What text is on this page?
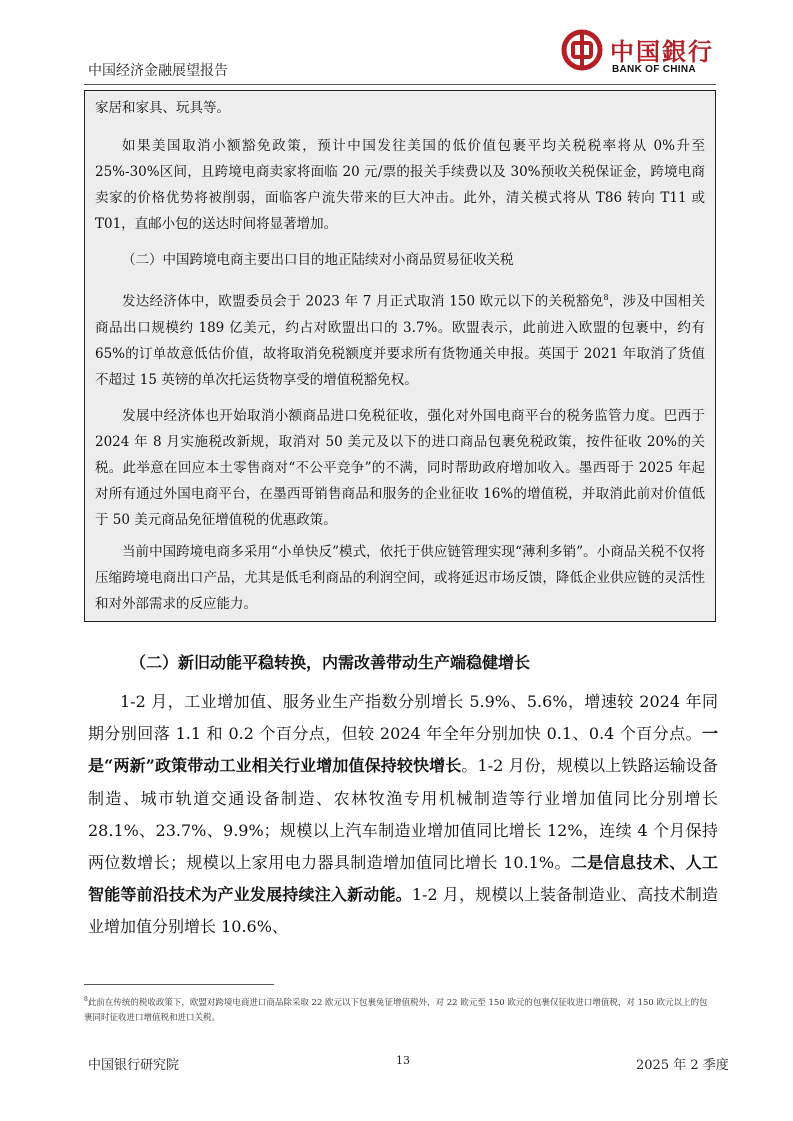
中国经济金融展望报告
中国銀行
BANK OF CHINA

家居和家具、玩具等。

如果美国取消小额豁免政策，预计中国发往美国的低价值包裹平均关税税率将从 0%升至 25%-30%区间，且跨境电商卖家将面临 20 元/票的报关手续费以及 30%预收关税保证金，跨境电商卖家的价格优势将被削弱，面临客户流失带来的巨大冲击。此外，清关模式将从 T86 转向 T11 或 T01，直邮小包的送达时间将显著增加。

（二）中国跨境电商主要出口目的地正陆续对小商品贸易征收关税

发达经济体中，欧盟委员会于 2023 年 7 月正式取消 150 欧元以下的关税豁免$^8$，涉及中国相关商品出口规模约 189 亿美元，约占对欧盟出口的 3.7%。欧盟表示，此前进入欧盟的包裹中，约有 65%的订单故意低估价值，故将取消免税额度并要求所有货物通关申报。英国于 2021 年取消了货值不超过 15 英镑的单次托运货物享受的增值税豁免权。

发展中经济体也开始取消小额商品进口免税征收，强化对外国电商平台的税务监管力度。巴西于 2024 年 8 月实施税改新规，取消对 50 美元及以下的进口商品包裹免税政策，按件征收 20%的关税。此举意在回应本土零售商对“不公平竞争”的不满，同时帮助政府增加收入。墨西哥于 2025 年起对所有通过外国电商平台，在墨西哥销售商品和服务的企业征收 16%的增值税，并取消此前对价值低于 50 美元商品免征增值税的优惠政策。

当前中国跨境电商多采用“小单快反”模式，依托于供应链管理实现“薄利多销”。小商品关税不仅将压缩跨境电商出口产品，尤其是低毛利商品的利润空间，或将延迟市场反馈，降低企业供应链的灵活性和对外部需求的反应能力。

（二）新旧动能平稳转换，内需改善带动生产端稳健增长
1-2 月，工业增加值、服务业生产指数分别增长 5.9%、5.6%，增速较 2024 年同期分别回落 1.1 和 0.2 个百分点，但较 2024 年全年分别加快 0.1、0.4 个百分点。一是“两新”政策带动工业相关行业增加值保持较快增长。1-2 月份，规模以上铁路运输设备制造、城市轨道交通设备制造、农林牧渔专用机械制造等行业增加值同比分别增长 28.1%、23.7%、9.9%；规模以上汽车制造业增加值同比增长 12%，连续 4 个月保持两位数增长；规模以上家用电力器具制造增加值同比增长 10.1%。二是信息技术、人工智能等前沿技术为产业发展持续注入新动能。1-2 月，规模以上装备制造业、高技术制造业增加值分别增长 10.6%、
$^8$此前在传统的税收政策下，欧盟对跨境电商进口商品除采取 22 欧元以下包裹免征增值税外，对 22 欧元至 150 欧元的包裹仅征收进口增值税，对 150 欧元以上的包裹同时征收进口增值税和进口关税。
中国银行研究院	13	2025 年 2 季度
